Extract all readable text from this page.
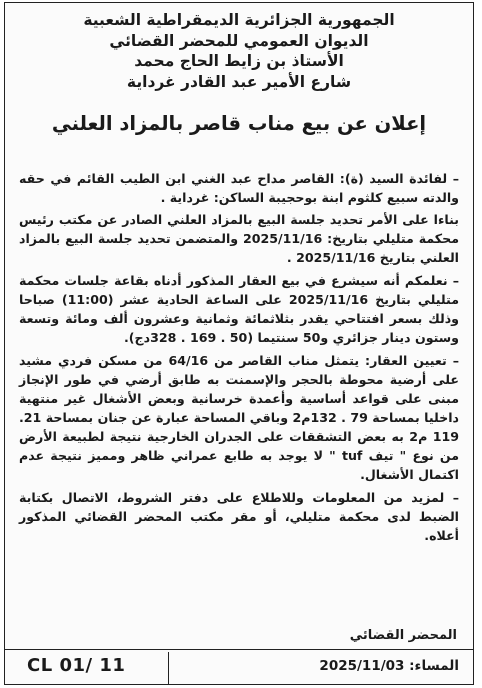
الجمهورية الجزائرية الديمقراطية الشعبية
الديوان العمومي للمحضر القضائي
الأستاذ بن زايط الحاج محمد
شارع الأمير عبد القادر غرداية
إعلان عن بيع مناب قاصر بالمزاد العلني

– لفائدة السيد (ة): القاصر مداح عبد الغني ابن الطيب القائم في حقه والدته سبيع كلثوم ابنة بوحجيبة الساكن: غرداية .

بناءا على الأمر تحديد جلسة البيع بالمزاد العلني الصادر عن مكتب رئيس محكمة متليلي بتاريخ: 2025/11/16 والمتضمن تحديد جلسة البيع بالمزاد العلني بتاريخ 2025/11/16 .

– نعلمكم أنه سيشرع في بيع العقار المذكور أدناه بقاعة جلسات محكمة متليلي بتاريخ 2025/11/16 على الساعة الحادية عشر (11:00) صباحا وذلك بسعر افتتاحي يقدر بثلاثمائة وثمانية وعشرون ألف ومائة وتسعة وستون دينار جزائري و50 سنتيما (50 . 169 . 328دج).

– تعيين العقار: يتمثل مناب القاصر من 64/16 من مسكن فردي مشيد على أرضية محوطة بالحجر والإسمنت به طابق أرضي في طور الإنجاز مبنى على قواعد أساسية وأعمدة خرسانية وبعض الأشغال غير منتهية داخليا بمساحة 79 . 132م2 وباقي المساحة عبارة عن جنان بمساحة 21. 119 م2 به بعض التشققات على الجدران الخارجية نتيجة لطبيعة الأرض من نوع " تيف tuf " لا يوجد به طابع عمراني ظاهر ومميز نتيجة عدم اكتمال الأشغال.

– لمزيد من المعلومات وللاطلاع على دفتر الشروط، الاتصال بكتابة الضبط لدى محكمة متليلي، أو مقر مكتب المحضر القضائي المذكور أعلاه.

المحضر القضائي
المساء: 2025/11/03
CL 01/ 11
